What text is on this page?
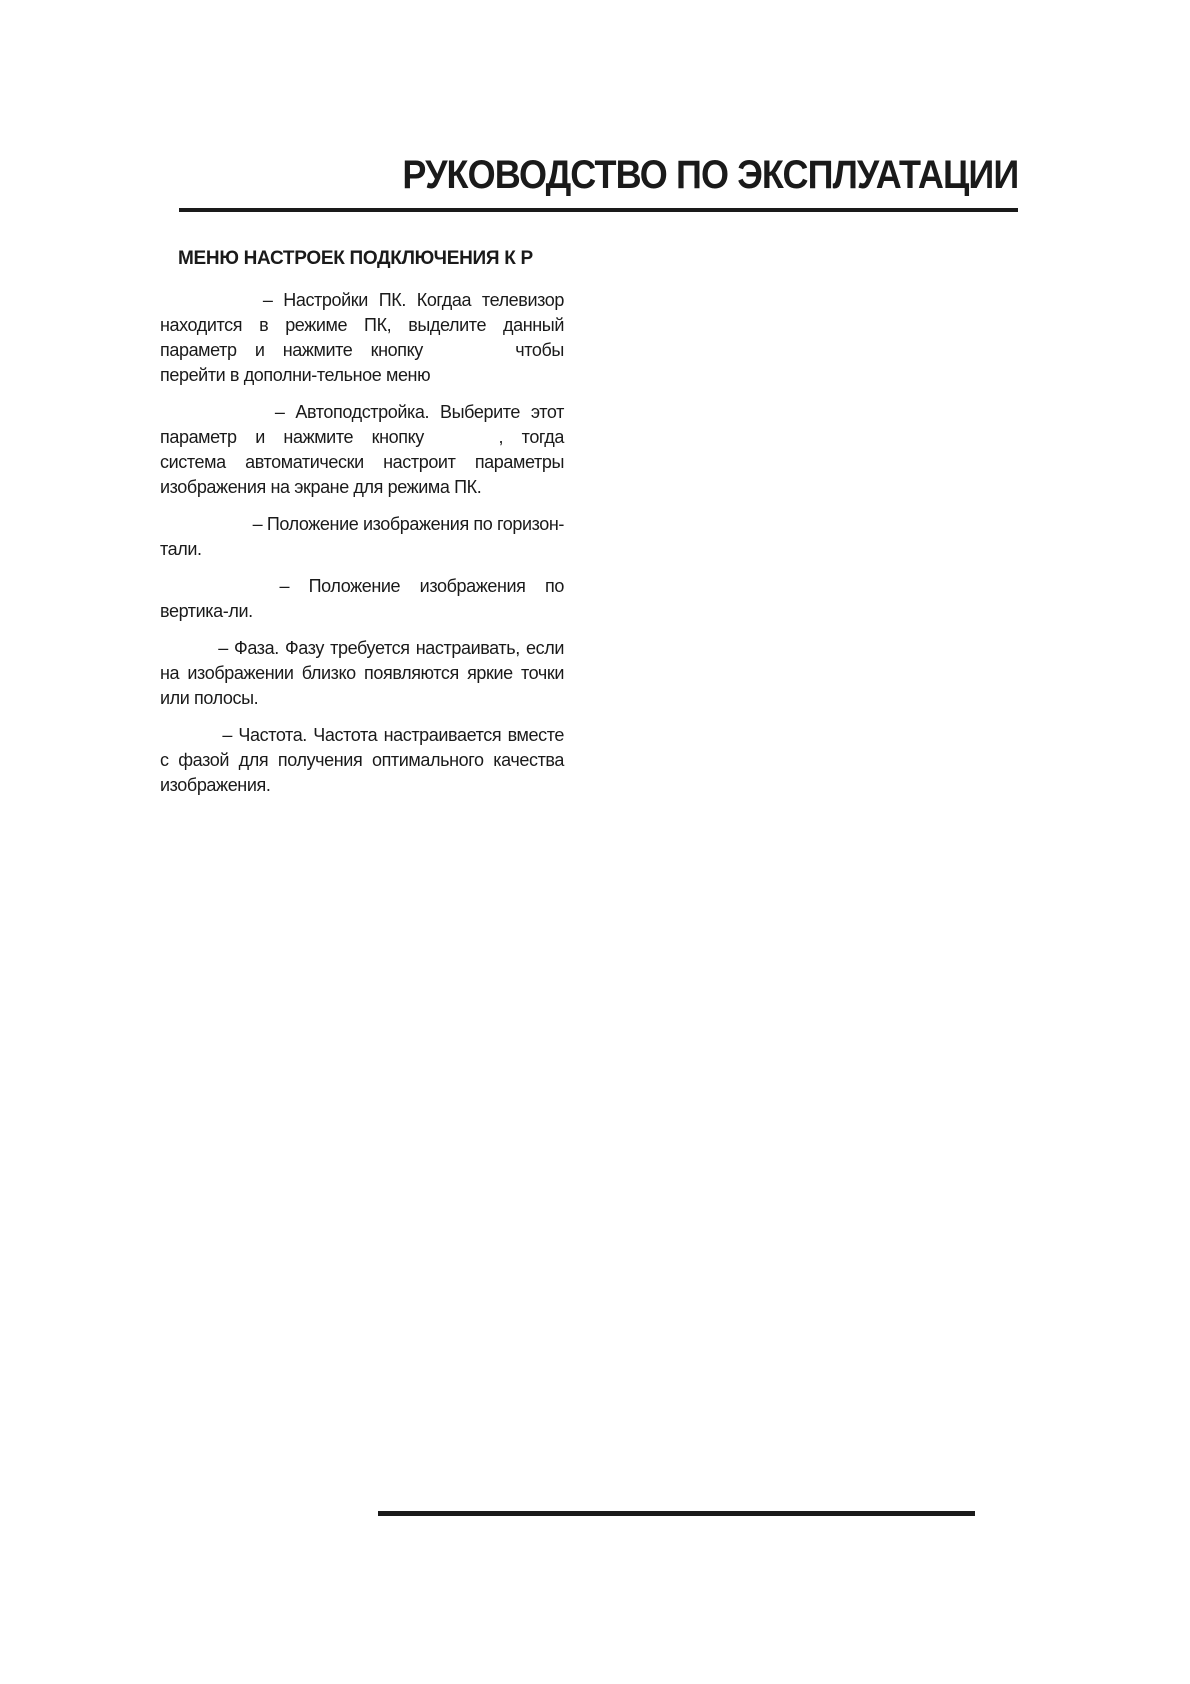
РУКОВОДСТВО ПО ЭКСПЛУАТАЦИИ
МЕНЮ НАСТРОЕК ПОДКЛЮЧЕНИЯ К Р

– Настройки ПК. Когдаа телевизор находится в режиме ПК, выделите данный параметр и нажмите кнопку	чтобы перейти в дополни-тельное меню

– Автоподстройка. Выберите этот параметр и нажмите кнопку	, тогда система автоматически настроит параметры изображения на экране для режима ПК.

– Положение изображения по горизон-тали.

– Положение изображения по вертика-ли.

– Фаза. Фазу требуется настраивать, если на изображении близко появляются яркие точки или полосы.

– Частота. Частота настраивается вместе с фазой для получения оптимального качества изображения.
